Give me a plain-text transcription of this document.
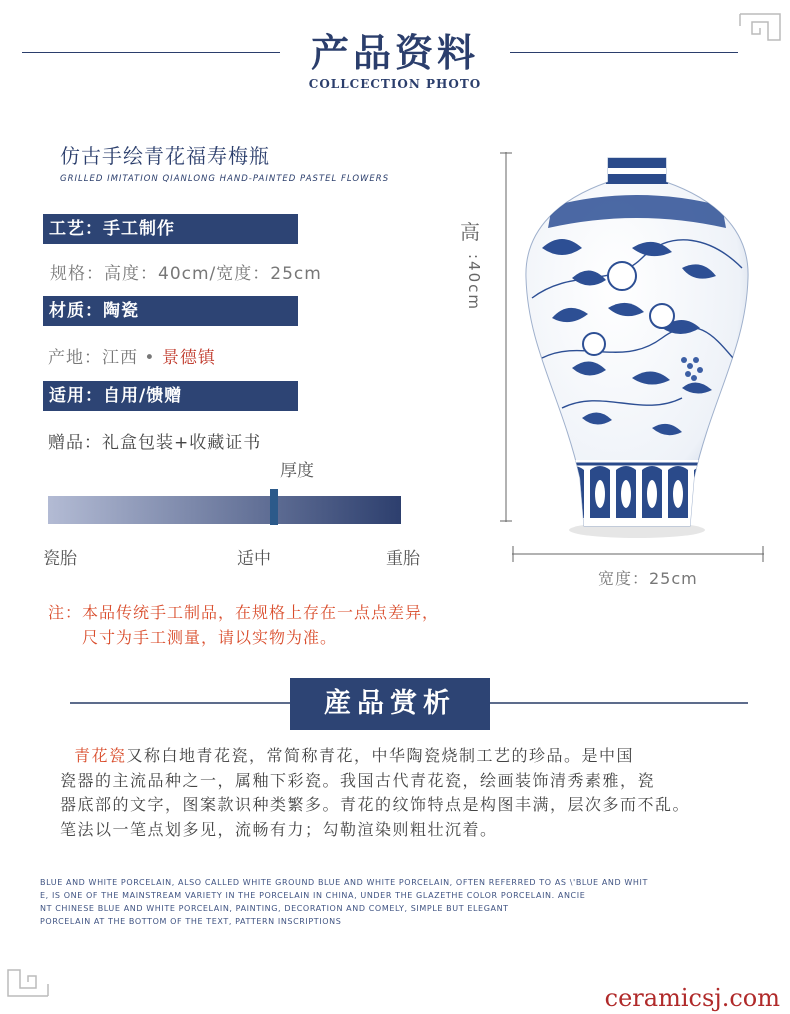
产品资料
COLLCECTION PHOTO
仿古手绘青花福寿梅瓶
GRILLED IMITATION QIANLONG HAND-PAINTED PASTEL FLOWERS
工艺：手工制作
规格：高度：40cm/宽度：25cm
材质：陶瓷
产地：江西 • 景德镇
适用：自用/馈赠
赠品：礼盒包装+收藏证书
厚度
瓷胎	适中	重胎
高
:40cm
宽度：25cm
注：本品传统手工制品，在规格上存在一点点差异，
尺寸为手工测量，请以实物为准。
産品赏析
青花瓷又称白地青花瓷，常简称青花，中华陶瓷烧制工艺的珍品。是中国
瓷器的主流品种之一，属釉下彩瓷。我国古代青花瓷，绘画装饰清秀素雅，瓷
器底部的文字，图案款识种类繁多。青花的纹饰特点是构图丰满，层次多而不乱。
笔法以一笔点划多见，流畅有力；勾勒渲染则粗壮沉着。
BLUE AND WHITE PORCELAIN, ALSO CALLED WHITE GROUND BLUE AND WHITE PORCELAIN, OFTEN REFERRED TO AS \'BLUE AND WHIT
E, IS ONE OF THE MAINSTREAM VARIETY IN THE PORCELAIN IN CHINA, UNDER THE GLAZETHE COLOR PORCELAIN. ANCIE
NT CHINESE BLUE AND WHITE PORCELAIN, PAINTING, DECORATION AND COMELY, SIMPLE BUT ELEGANT
PORCELAIN AT THE BOTTOM OF THE TEXT, PATTERN INSCRIPTIONS
ceramicsj.com
